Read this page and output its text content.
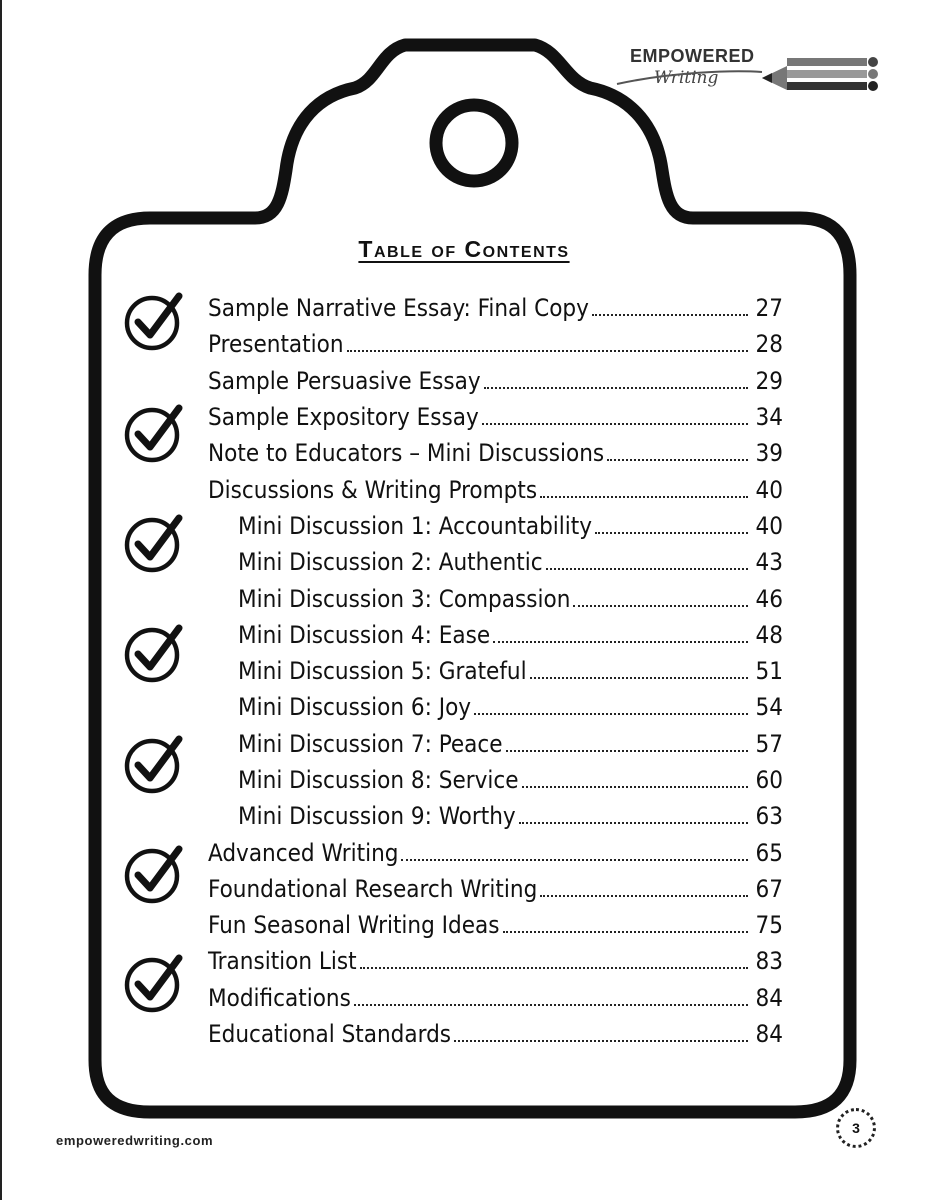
EMPOWERED
Writing
Table of Contents
Sample Narrative Essay: Final Copy	27
Presentation	28
Sample Persuasive Essay	29
Sample Expository Essay	34
Note to Educators – Mini Discussions	39
Discussions & Writing Prompts	40
Mini Discussion 1: Accountability	40
Mini Discussion 2: Authentic	43
Mini Discussion 3: Compassion	46
Mini Discussion 4: Ease	48
Mini Discussion 5: Grateful	51
Mini Discussion 6: Joy	54
Mini Discussion 7: Peace	57
Mini Discussion 8: Service	60
Mini Discussion 9: Worthy	63
Advanced Writing	65
Foundational Research Writing	67
Fun Seasonal Writing Ideas	75
Transition List	83
Modifications	84
Educational Standards	84
empoweredwriting.com
3
